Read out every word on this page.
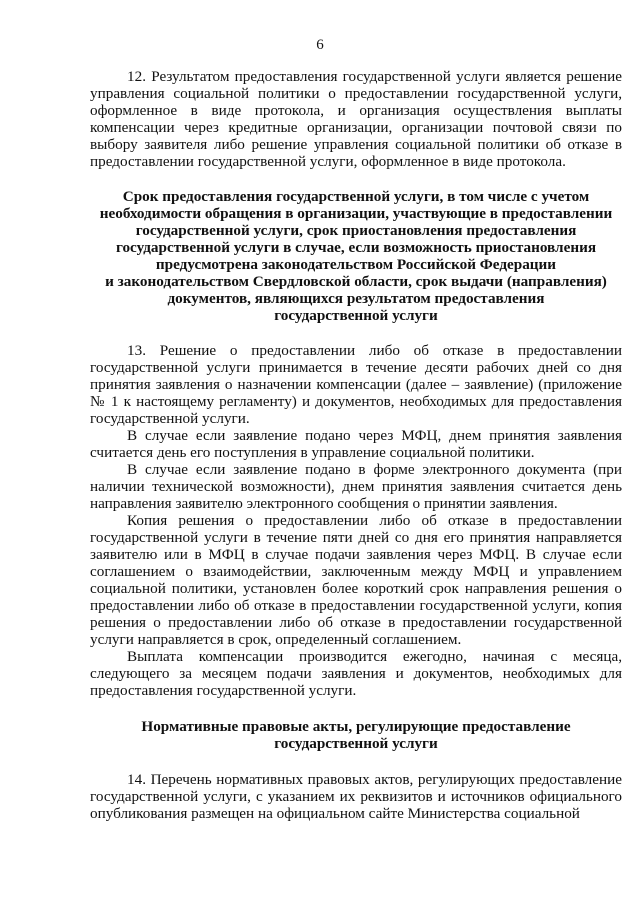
6

12. Результатом предоставления государственной услуги является решение управления социальной политики о предоставлении государственной услуги, оформленное в виде протокола, и организация осуществления выплаты компенсации через кредитные организации, организации почтовой связи по выбору заявителя либо решение управления социальной политики об отказе в предоставлении государственной услуги, оформленное в виде протокола.

Срок предоставления государственной услуги, в том числе с учетом
необходимости обращения в организации, участвующие в предоставлении
государственной услуги, срок приостановления предоставления
государственной услуги в случае, если возможность приостановления
предусмотрена законодательством Российской Федерации
и законодательством Свердловской области, срок выдачи (направления)
документов, являющихся результатом предоставления
государственной услуги

13. Решение о предоставлении либо об отказе в предоставлении государственной услуги принимается в течение десяти рабочих дней со дня принятия заявления о назначении компенсации (далее – заявление) (приложение № 1 к настоящему регламенту) и документов, необходимых для предоставления государственной услуги.

В случае если заявление подано через МФЦ, днем принятия заявления считается день его поступления в управление социальной политики.

В случае если заявление подано в форме электронного документа (при наличии технической возможности), днем принятия заявления считается день направления заявителю электронного сообщения о принятии заявления.

Копия решения о предоставлении либо об отказе в предоставлении государственной услуги в течение пяти дней со дня его принятия направляется заявителю или в МФЦ в случае подачи заявления через МФЦ. В случае если соглашением о взаимодействии, заключенным между МФЦ и управлением социальной политики, установлен более короткий срок направления решения о предоставлении либо об отказе в предоставлении государственной услуги, копия решения о предоставлении либо об отказе в предоставлении государственной услуги направляется в срок, определенный соглашением.

Выплата компенсации производится ежегодно, начиная с месяца, следующего за месяцем подачи заявления и документов, необходимых для предоставления государственной услуги.

Нормативные правовые акты, регулирующие предоставление
государственной услуги

14. Перечень нормативных правовых актов, регулирующих предоставление государственной услуги, с указанием их реквизитов и источников официального опубликования размещен на официальном сайте Министерства социальной
